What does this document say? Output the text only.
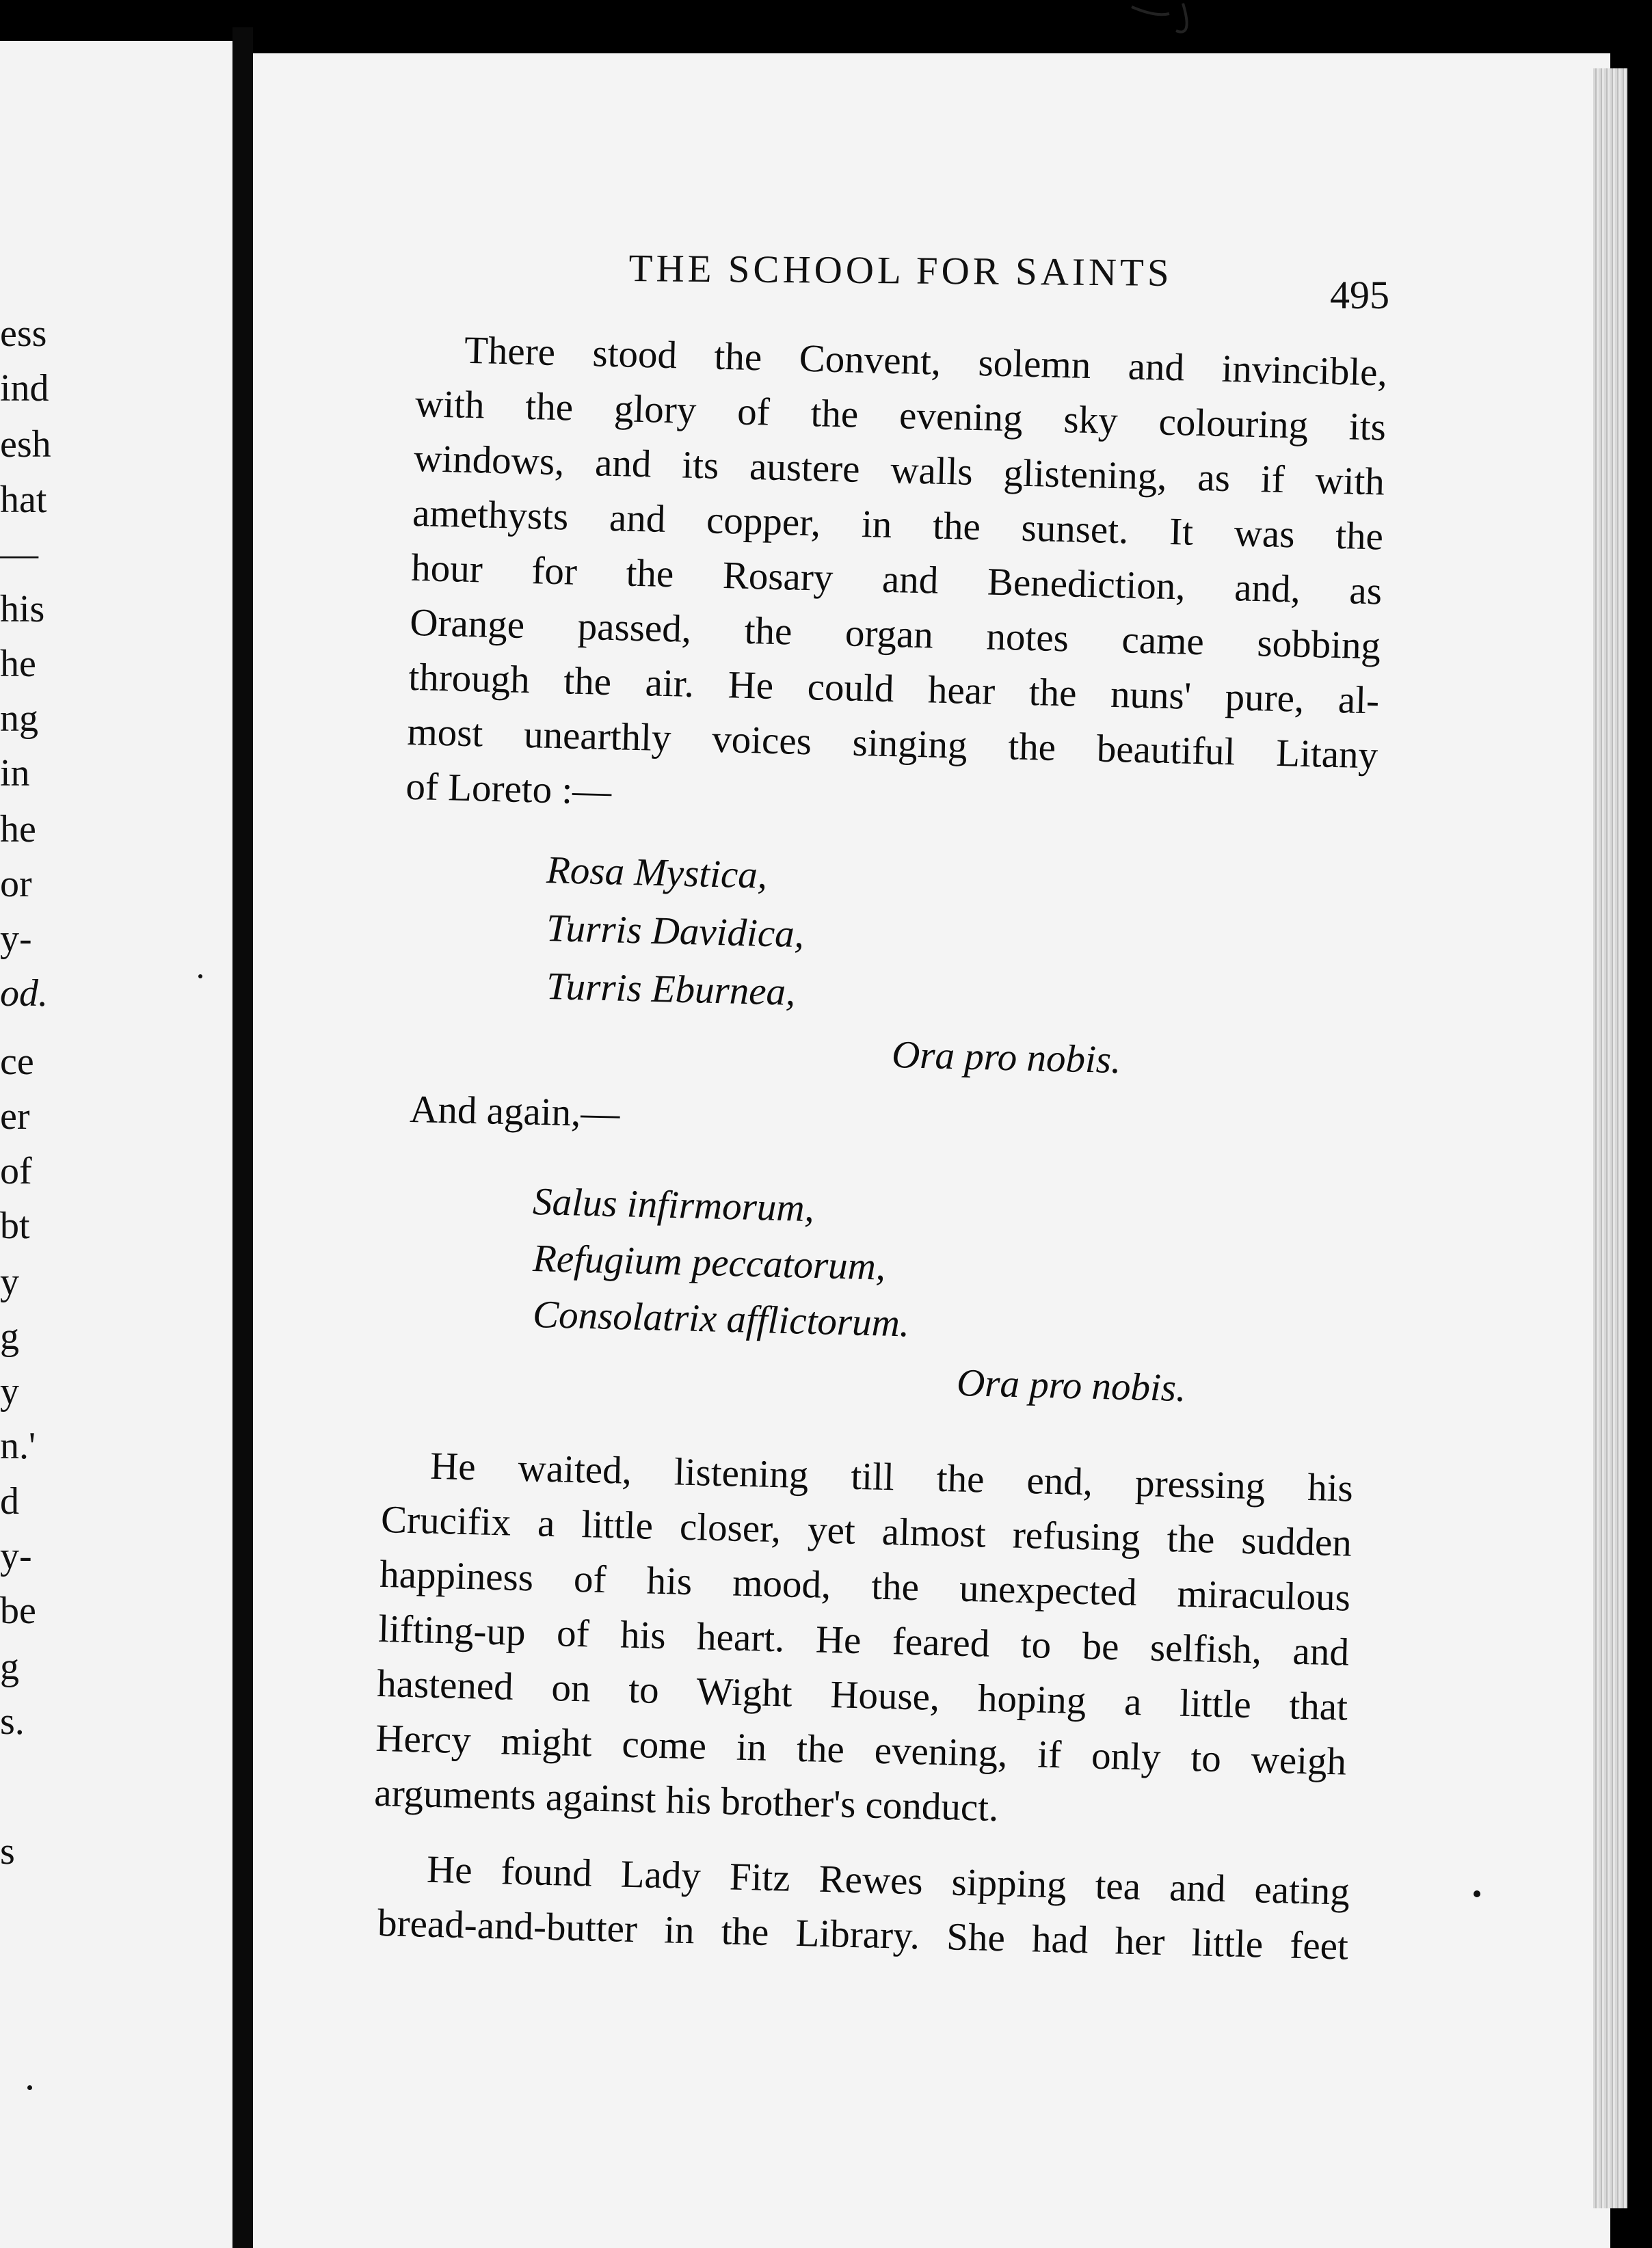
ess
ind
esh
hat
—
his
he
ng
in
he
or
y-
od.
ce
er
of
bt
y
g
y
n.'
d
y-
be
g
s.
s
THE SCHOOL FOR SAINTS
495
There stood the Convent, solemn and invincible,
with the glory of the evening sky colouring its
windows, and its austere walls glistening, as if with
amethysts and copper, in the sunset. It was the
hour for the Rosary and Benediction, and, as
Orange passed, the organ notes came sobbing
through the air. He could hear the nuns' pure, al-
most unearthly voices singing the beautiful Litany
of Loreto :—
Rosa Mystica,
Turris Davidica,
Turris Eburnea,
Ora pro nobis.
And again,—
Salus infirmorum,
Refugium peccatorum,
Consolatrix afflictorum.
Ora pro nobis.
He waited, listening till the end, pressing his
Crucifix a little closer, yet almost refusing the sudden
happiness of his mood, the unexpected miraculous
lifting-up of his heart. He feared to be selfish, and
hastened on to Wight House, hoping a little that
Hercy might come in the evening, if only to weigh
arguments against his brother's conduct.
He found Lady Fitz Rewes sipping tea and eating
bread-and-butter in the Library. She had her little feet
